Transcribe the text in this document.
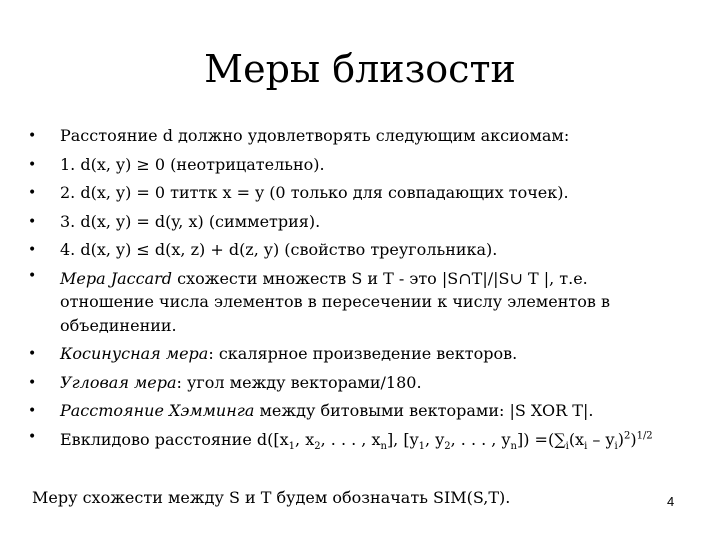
Меры близости
• Расстояние d должно удовлетворять следующим аксиомам:
• 1. d(x, y) ≥ 0 (неотрицательно).
• 2. d(x, y) = 0 титтк x = y (0 только для совпадающих точек).
• 3. d(x, y) = d(y, x) (симметрия).
• 4. d(x, y) ≤ d(x, z) + d(z, y) (свойство треугольника).
• Мера Jaccard схожести множеств S и T - это |S∩T|/|S∪ T |, т.е. отношение числа элементов в пересечении к числу элементов в объединении.
• Косинусная мера: скалярное произведение векторов.
• Угловая мера: угол между векторами/180.
• Расстояние Хэмминга между битовыми векторами: |S XOR T|.
• Евклидово расстояние $d([x_1$, $x_2$, . . . , $x_n$], [$y_1$, $y_2$, . . . , $y_n]) =(\sum_i(x_i - y_i)^2)^{1/2}$
Меру схожести между S и T будем обозначать SIM(S,T).	4
